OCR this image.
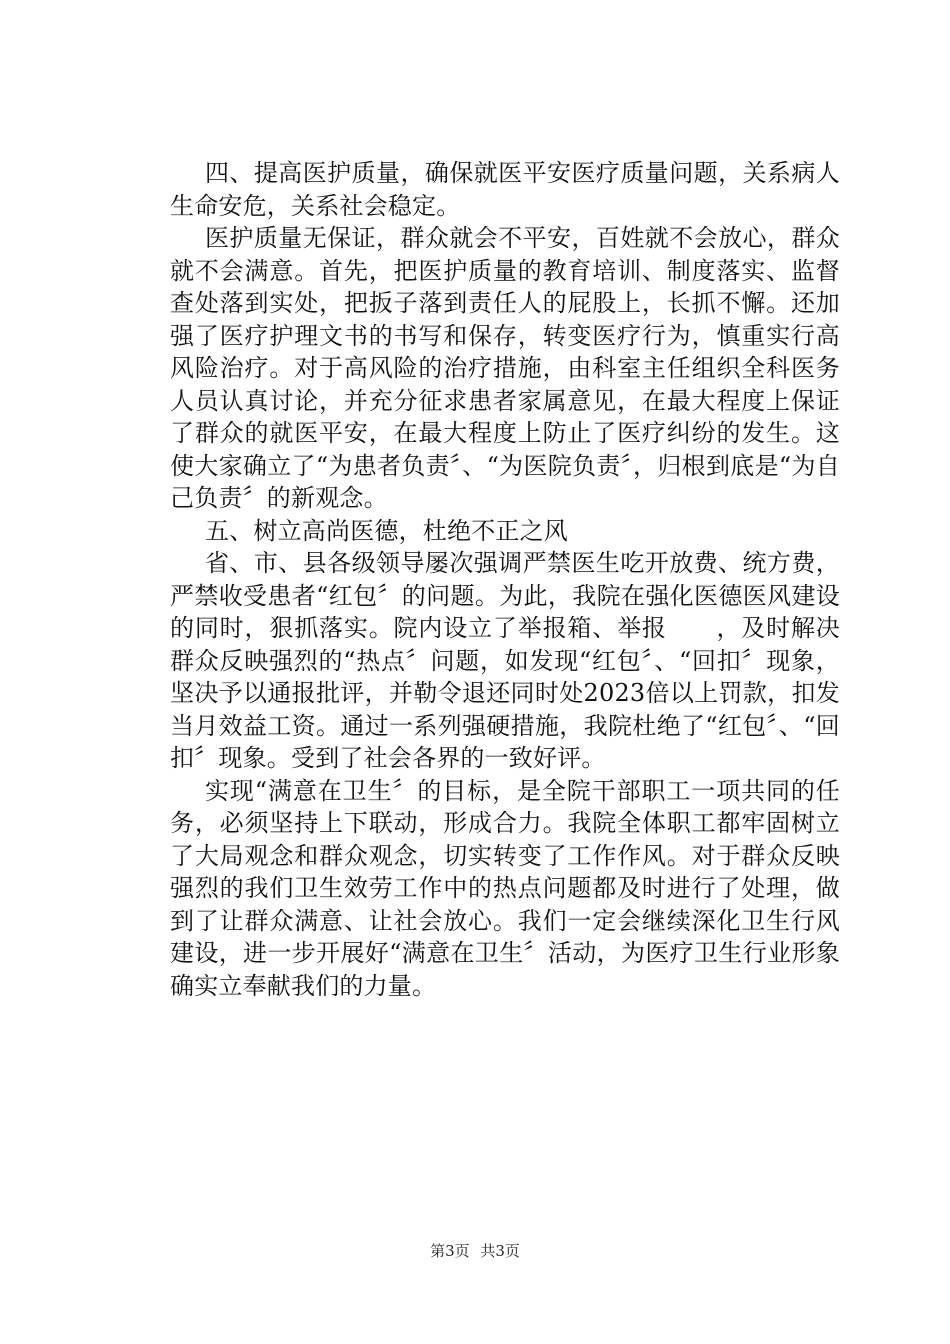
四、提高医护质量，确保就医平安医疗质量问题，关系病人生命安危，关系社会稳定。

医护质量无保证，群众就会不平安，百姓就不会放心，群众就不会满意。首先，把医护质量的教育培训、制度落实、监督查处落到实处，把扳子落到责任人的屁股上，长抓不懈。还加强了医疗护理文书的书写和保存，转变医疗行为，慎重实行高风险治疗。对于高风险的治疗措施，由科室主任组织全科医务人员认真讨论，并充分征求患者家属意见，在最大程度上保证了群众的就医平安，在最大程度上防止了医疗纠纷的发生。这使大家确立了“为患者负责〞、“为医院负责〞，归根到底是“为自己负责〞的新观念。

五、树立高尚医德，杜绝不正之风

省、市、县各级领导屡次强调严禁医生吃开放费、统方费，严禁收受患者“红包〞的问题。为此，我院在强化医德医风建设的同时，狠抓落实。院内设立了举报箱、举报　　，及时解决群众反映强烈的“热点〞问题，如发现“红包〞、“回扣〞现象，坚决予以通报批评，并勒令退还同时处2023倍以上罚款，扣发当月效益工资。通过一系列强硬措施，我院杜绝了“红包〞、“回扣〞现象。受到了社会各界的一致好评。

实现“满意在卫生〞的目标，是全院干部职工一项共同的任务，必须坚持上下联动，形成合力。我院全体职工都牢固树立了大局观念和群众观念，切实转变了工作作风。对于群众反映强烈的我们卫生效劳工作中的热点问题都及时进行了处理，做到了让群众满意、让社会放心。我们一定会继续深化卫生行风建设，进一步开展好“满意在卫生〞活动，为医疗卫生行业形象确实立奉献我们的力量。

第3页 共3页
